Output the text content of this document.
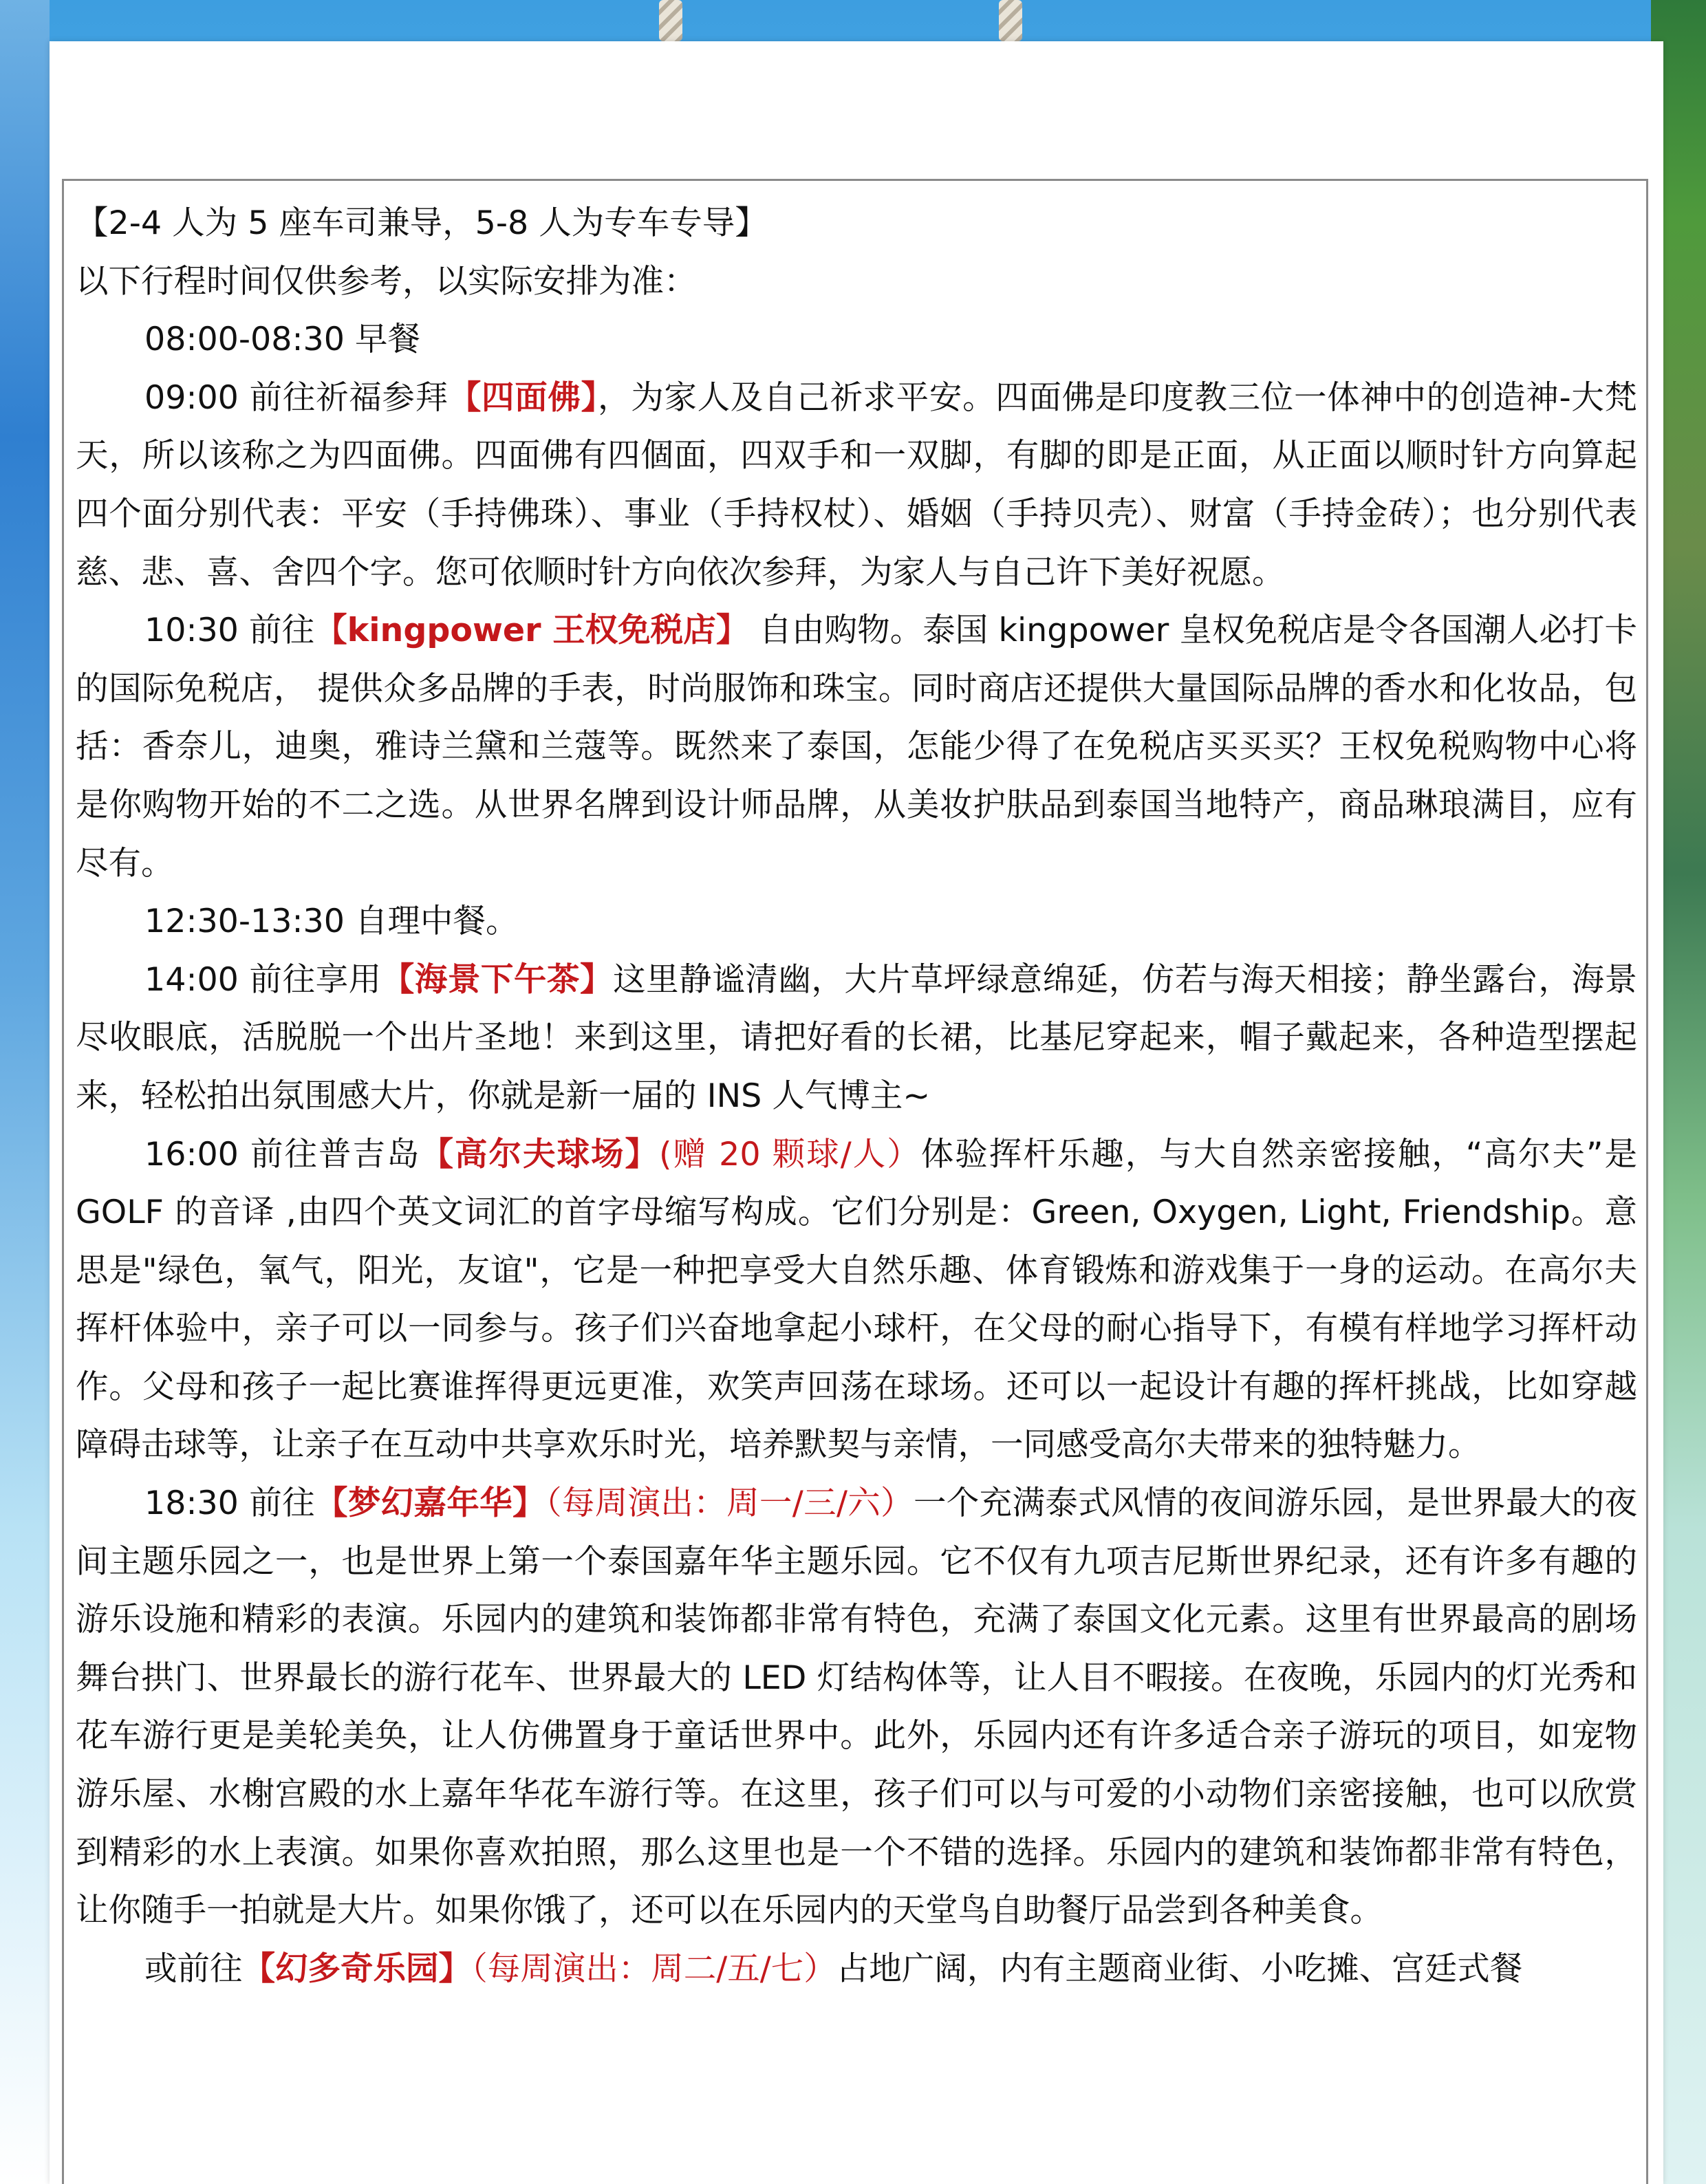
【2-4 人为 5 座车司兼导，5-8 人为专车专导】

以下行程时间仅供参考，以实际安排为准：

08:00-08:30 早餐

09:00 前往祈福参拜【四面佛】，为家人及自己祈求平安。四面佛是印度教三位一体神中的创造神-大梵天，所以该称之为四面佛。四面佛有四個面，四双手和一双脚，有脚的即是正面，从正面以顺时针方向算起四个面分别代表：平安（手持佛珠）、事业（手持权杖）、婚姻（手持贝壳）、财富（手持金砖）；也分别代表慈、悲、喜、舍四个字。您可依顺时针方向依次参拜，为家人与自己许下美好祝愿。

10:30 前往【kingpower 王权免税店】 自由购物。泰国 kingpower 皇权免税店是令各国潮人必打卡的国际免税店， 提供众多品牌的手表，时尚服饰和珠宝。同时商店还提供大量国际品牌的香水和化妆品，包括：香奈儿，迪奥，雅诗兰黛和兰蔻等。既然来了泰国，怎能少得了在免税店买买买？王权免税购物中心将是你购物开始的不二之选。从世界名牌到设计师品牌，从美妆护肤品到泰国当地特产，商品琳琅满目，应有尽有。

12:30-13:30 自理中餐。

14:00 前往享用【海景下午茶】这里静谧清幽，大片草坪绿意绵延，仿若与海天相接；静坐露台，海景尽收眼底，活脱脱一个出片圣地！来到这里，请把好看的长裙，比基尼穿起来，帽子戴起来，各种造型摆起来，轻松拍出氛围感大片，你就是新一届的 INS 人气博主~

16:00 前往普吉岛【高尔夫球场】(赠 20 颗球/人）体验挥杆乐趣，与大自然亲密接触，“高尔夫”是 GOLF 的音译 ,由四个英文词汇的首字母缩写构成。它们分别是：Green, Oxygen, Light, Friendship。意思是"绿色，氧气，阳光，友谊"，它是一种把享受大自然乐趣、体育锻炼和游戏集于一身的运动。在高尔夫挥杆体验中，亲子可以一同参与。孩子们兴奋地拿起小球杆，在父母的耐心指导下，有模有样地学习挥杆动作。父母和孩子一起比赛谁挥得更远更准，欢笑声回荡在球场。还可以一起设计有趣的挥杆挑战，比如穿越障碍击球等，让亲子在互动中共享欢乐时光，培养默契与亲情，一同感受高尔夫带来的独特魅力。

18:30 前往【梦幻嘉年华】（每周演出：周一/三/六）一个充满泰式风情的夜间游乐园，是世界最大的夜间主题乐园之一，也是世界上第一个泰国嘉年华主题乐园。它不仅有九项吉尼斯世界纪录，还有许多有趣的游乐设施和精彩的表演。乐园内的建筑和装饰都非常有特色，充满了泰国文化元素。这里有世界最高的剧场舞台拱门、世界最长的游行花车、世界最大的 LED 灯结构体等，让人目不暇接。在夜晚，乐园内的灯光秀和花车游行更是美轮美奂，让人仿佛置身于童话世界中。此外，乐园内还有许多适合亲子游玩的项目，如宠物游乐屋、水榭宫殿的水上嘉年华花车游行等。在这里，孩子们可以与可爱的小动物们亲密接触，也可以欣赏到精彩的水上表演。如果你喜欢拍照，那么这里也是一个不错的选择。乐园内的建筑和装饰都非常有特色，让你随手一拍就是大片。如果你饿了，还可以在乐园内的天堂鸟自助餐厅品尝到各种美食。

或前往【幻多奇乐园】（每周演出：周二/五/七）占地广阔，内有主题商业街、小吃摊、宫廷式餐
